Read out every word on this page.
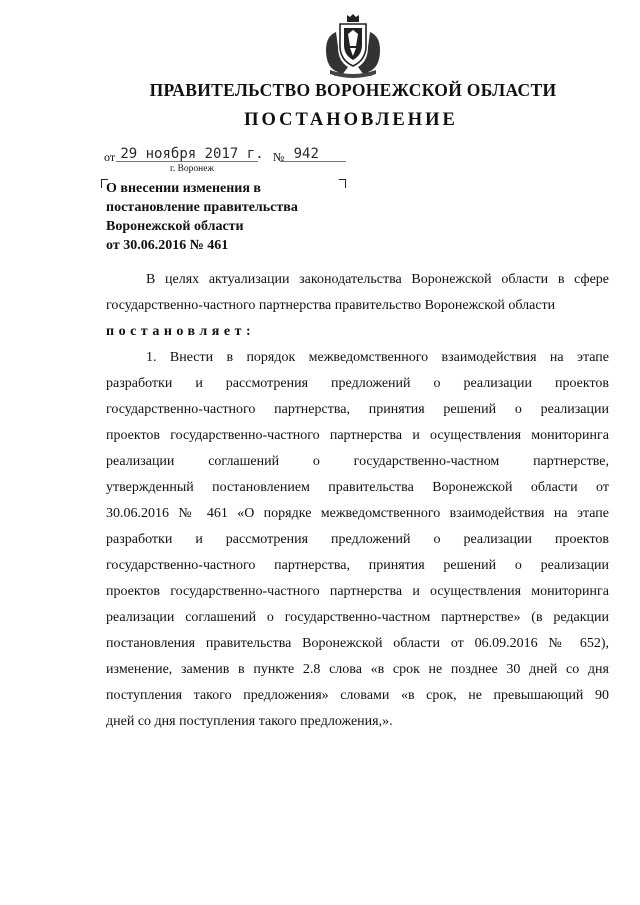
ПРАВИТЕЛЬСТВО ВОРОНЕЖСКОЙ ОБЛАСТИ
ПОСТАНОВЛЕНИЕ
от 29 ноября 2017 г. № 942
г. Воронеж
О внесении изменения в
постановление правительства
Воронежской области
от 30.06.2016 № 461
В целях актуализации законодательства Воронежской области в сфере
государственно-частного партнерства правительство Воронежской области
постановляет:
1. Внести в порядок межведомственного взаимодействия на этапе
разработки и рассмотрения предложений о реализации проектов
государственно-частного партнерства, принятия решений о реализации
проектов государственно-частного партнерства и осуществления мониторинга
реализации соглашений о государственно-частном партнерстве,
утвержденный постановлением правительства Воронежской области от
30.06.2016 № 461 «О порядке межведомственного взаимодействия на этапе
разработки и рассмотрения предложений о реализации проектов
государственно-частного партнерства, принятия решений о реализации
проектов государственно-частного партнерства и осуществления мониторинга
реализации соглашений о государственно-частном партнерстве» (в редакции
постановления правительства Воронежской области от 06.09.2016 № 652),
изменение, заменив в пункте 2.8 слова «в срок не позднее 30 дней со дня
поступления такого предложения» словами «в срок, не превышающий 90
дней со дня поступления такого предложения,».
